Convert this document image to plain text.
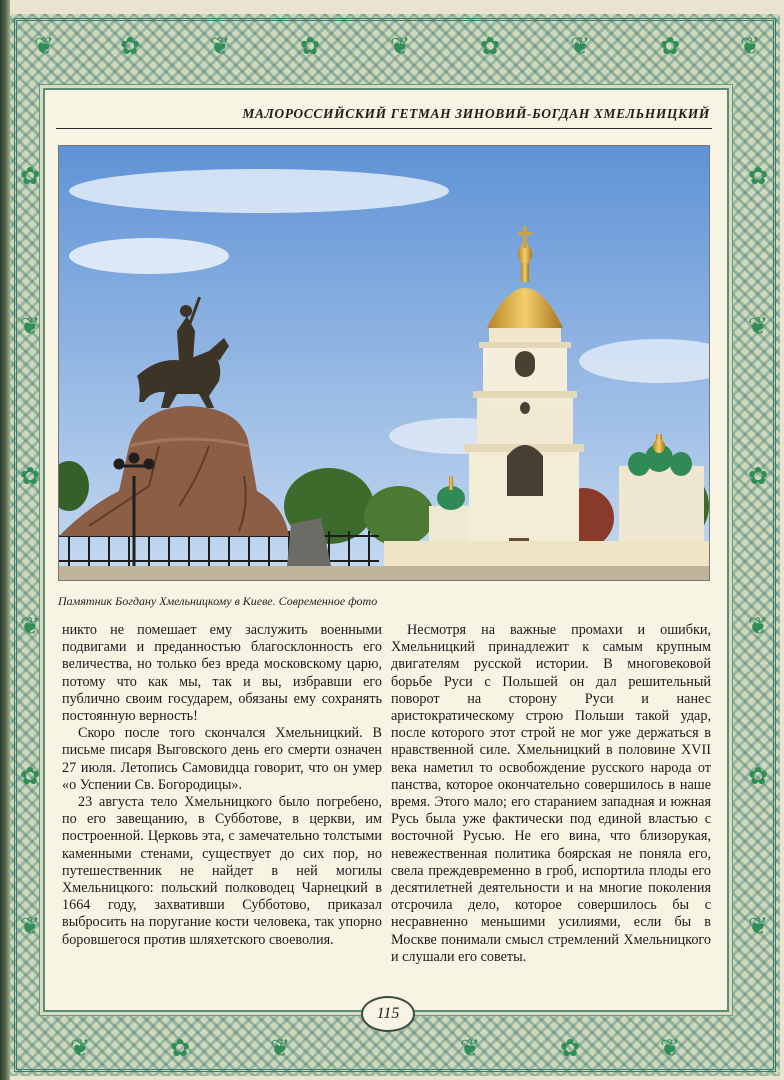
❦	✿	❦	✿	❦	✿	❦	✿ ❦
✿
❦
✿
❦
✿
❦
✿
❦
✿
❦
✿
❦
❦	✿	❦	❦	✿	❦
МАЛОРОССИЙСКИЙ ГЕТМАН ЗИНОВИЙ-БОГДАН ХМЕЛЬНИЦКИЙ
Памятник Богдану Хмельницкому в Киеве. Современное фото

никто не помешает ему заслужить военными подвигами и преданностью благосклонность его величества, но только без вреда московскому царю, потому что как мы, так и вы, избравши его публично своим государем, обязаны ему сохранять постоянную верность!

Скоро после того скончался Хмельницкий. В письме писаря Выговского день его смерти означен 27 июля. Летопись Самовидца говорит, что он умер «о Успении Св. Богородицы».

23 августа тело Хмельницкого было погребено, по его завещанию, в Субботове, в церкви, им построенной. Церковь эта, с замечательно толстыми каменными стенами, существует до сих пор, но путешественник не найдет в ней могилы Хмельницкого: польский полководец Чарнецкий в 1664 году, захвативши Субботово, приказал выбросить на поругание кости человека, так упорно боровшегося против шляхетского своеволия.

Несмотря на важные промахи и ошибки, Хмельницкий принадлежит к самым крупным двигателям русской истории. В многовековой борьбе Руси с Польшей он дал решительный поворот на сторону Руси и нанес аристократическому строю Польши такой удар, после которого этот строй не мог уже держаться в нравственной силе. Хмельницкий в половине XVII века наметил то освобождение русского народа от панства, которое окончательно совершилось в наше время. Этого мало; его старанием западная и южная Русь была уже фактически под единой властью с восточной Русью. Не его вина, что близорукая, невежественная политика боярская не поняла его, свела преждевременно в гроб, испортила плоды его десятилетней деятельности и на многие поколения отсрочила дело, которое совершилось бы с несравненно меньшими усилиями, если бы в Москве понимали смысл стремлений Хмельницкого и слушали его советы.

115
